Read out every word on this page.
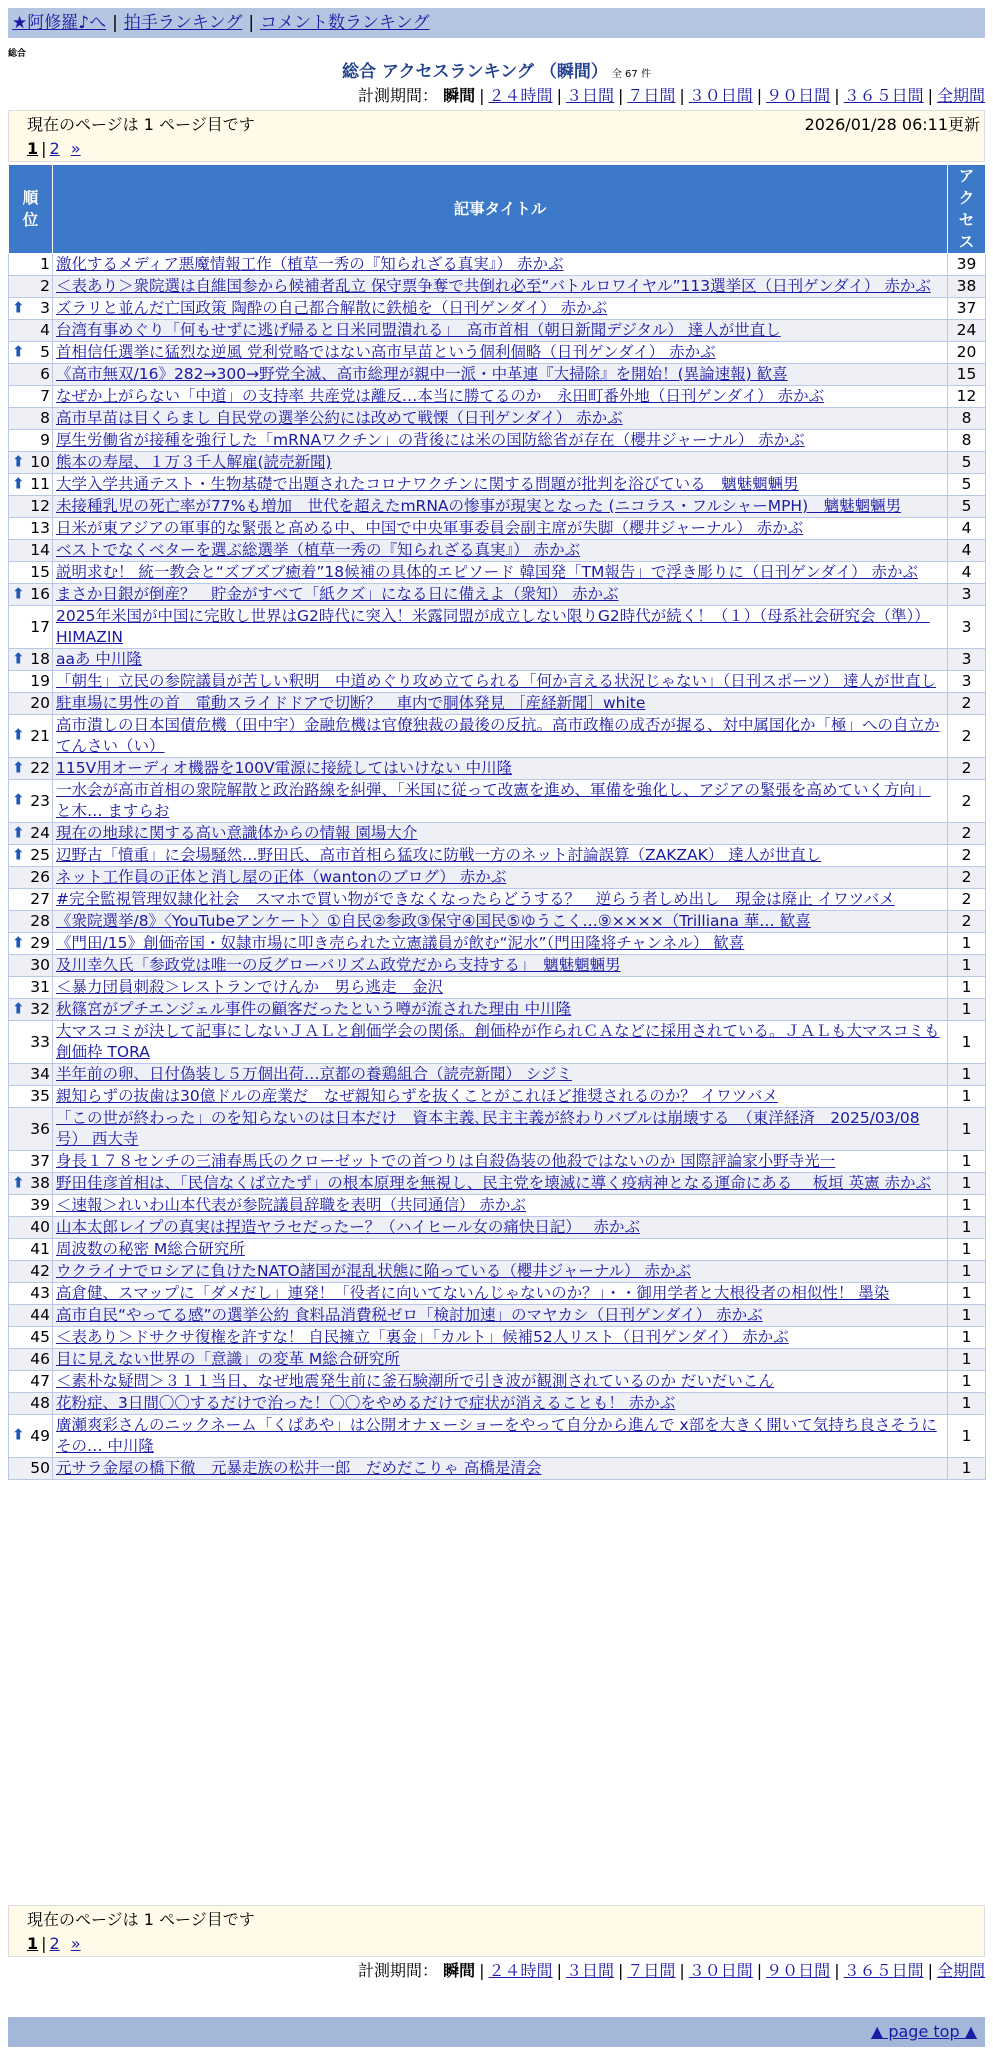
★阿修羅♪へ | 拍手ランキング | コメント数ランキング
総合
総合 アクセスランキング （瞬間） 全 67 件
計測期間： 瞬間 | ２４時間 | ３日間 | ７日間 | ３０日間 | ９０日間 | ３６５日間 | 全期間
現在のページは 1 ページ目です	2026/01/28 06:11更新
1 | 2 »
順位	記事タイトル	アクセス
1	激化するメディア悪魔情報工作（植草一秀の『知られざる真実』） 赤かぶ	39
2	＜表あり＞衆院選は自維国参から候補者乱立 保守票争奪で共倒れ必至“バトルロワイヤル”113選挙区（日刊ゲンダイ） 赤かぶ	38

⬆ 3	ズラリと並んだ亡国政策 陶酔の自己都合解散に鉄槌を（日刊ゲンダイ） 赤かぶ	37
4	台湾有事めぐり「何もせずに逃げ帰ると日米同盟潰れる」　高市首相（朝日新聞デジタル） 達人が世直し	24

⬆ 5	首相信任選挙に猛烈な逆風 党利党略ではない高市早苗という個利個略（日刊ゲンダイ） 赤かぶ	20
6	《高市無双/16》282→300→野党全滅、高市総理が親中一派・中革連『大掃除』を開始！(異論速報) 歓喜	15
7	なぜか上がらない「中道」の支持率 共産党は離反…本当に勝てるのか　永田町番外地（日刊ゲンダイ） 赤かぶ	12
8	高市早苗は目くらまし 自民党の選挙公約には改めて戦慄（日刊ゲンダイ） 赤かぶ	8
9	厚生労働省が接種を強行した「mRNAワクチン」の背後には米の国防総省が存在（櫻井ジャーナル） 赤かぶ	8

⬆ 10	熊本の寿屋、１万３千人解雇(読売新聞)	5

⬆ 11	大学入学共通テスト・生物基礎で出題されたコロナワクチンに関する問題が批判を浴びている　魑魅魍魎男	5
12	未接種乳児の死亡率が77%も増加　世代を超えたmRNAの惨事が現実となった (ニコラス・フルシャーMPH)　魑魅魍魎男	5
13	日米が東アジアの軍事的な緊張と高める中、中国で中央軍事委員会副主席が失脚（櫻井ジャーナル） 赤かぶ	4
14	ベストでなくベターを選ぶ総選挙（植草一秀の『知られざる真実』） 赤かぶ	4
15	説明求む！ 統一教会と“ズブズブ癒着”18候補の具体的エピソード 韓国発「TM報告」で浮き彫りに（日刊ゲンダイ） 赤かぶ	4

⬆ 16	まさか日銀が倒産？　貯金がすべて「紙クズ」になる日に備えよ（衆知） 赤かぶ	3
17	2025年米国が中国に完敗し世界はG2時代に突入！米露同盟が成立しない限りG2時代が続く！（１）（母系社会研究会（準））HIMAZIN	3

⬆ 18	aaあ 中川隆	3
19	「朝生」立民の参院議員が苦しい釈明　中道めぐり攻め立てられる「何か言える状況じゃない」（日刊スポーツ） 達人が世直し	3
20	駐車場に男性の首　電動スライドドアで切断？　車内で胴体発見 ［産経新聞］white	2

⬆ 21	高市潰しの日本国債危機（田中宇）金融危機は官僚独裁の最後の反抗。高市政権の成否が握る、対中属国化か「極」への自立か てんさい（い）	2

⬆ 22	115V用オーディオ機器を100V電源に接続してはいけない 中川隆	2

⬆ 23	一水会が高市首相の衆院解散と政治路線を糾弾、「米国に従って改憲を進め、軍備を強化し、アジアの緊張を高めていく方向」と木… ますらお	2

⬆ 24	現在の地球に関する高い意識体からの情報 園場大介	2

⬆ 25	辺野古「憤重」に会場騒然…野田氏、高市首相ら猛攻に防戦一方のネット討論誤算（ZAKZAK） 達人が世直し	2
26	ネット工作員の正体と消し屋の正体（wantonのブログ） 赤かぶ	2
27	#完全監視管理奴隷化社会　スマホで買い物ができなくなったらどうする？　逆らう者しめ出し　現金は廃止 イワツバメ	2
28	《衆院選挙/8》〈YouTubeアンケート〉①自民②参政③保守④国民⑤ゆうこく…⑨××××（Trilliana 華… 歓喜	2

⬆ 29	《門田/15》創価帝国・奴隷市場に叩き売られた立憲議員が飲む“泥水”（門田隆将チャンネル） 歓喜	1
30	及川幸久氏「参政党は唯一の反グローバリズム政党だから支持する」　魑魅魍魎男	1
31	＜暴力団員刺殺＞レストランでけんか　男ら逃走　金沢	1

⬆ 32	秋篠宮がプチエンジェル事件の顧客だったという噂が流された理由 中川隆	1
33	大マスコミが決して記事にしないＪＡＬと創価学会の関係。創価枠が作られＣＡなどに採用されている。ＪＡＬも大マスコミも創価枠 TORA	1
34	半年前の卵、日付偽装し５万個出荷…京都の養鶏組合（読売新聞） シジミ	1
35	親知らずの抜歯は30億ドルの産業だ　なぜ親知らずを抜くことがこれほど推奨されるのか？ イワツバメ	1
36	「この世が終わった」のを知らないのは日本だけ　資本主義､民主主義が終わりバブルは崩壊する　（東洋経済　2025/03/08号） 西大寺	1
37	身長１７８センチの三浦春馬氏のクローゼットでの首つりは自殺偽装の他殺ではないのか 国際評論家小野寺光一	1

⬆ 38	野田佳彦首相は、「民信なくば立たず」の根本原理を無視し、民主党を壊滅に導く疫病神となる運命にある　 板垣 英憲 赤かぶ	1
39	＜速報＞れいわ山本代表が参院議員辞職を表明（共同通信） 赤かぶ	1
40	山本太郎レイプの真実は捏造ヤラセだったー？（ハイヒール女の痛快日記）　 赤かぶ	1
41	周波数の秘密 M総合研究所	1
42	ウクライナでロシアに負けたNATO諸国が混乱状態に陥っている（櫻井ジャーナル） 赤かぶ	1
43	高倉健、スマップに「ダメだし」連発！「役者に向いてないんじゃないのか？」・・御用学者と大根役者の相似性！ 墨染	1
44	高市自民“やってる感”の選挙公約 食料品消費税ゼロ「検討加速」のマヤカシ（日刊ゲンダイ） 赤かぶ	1
45	＜表あり＞ドサクサ復権を許すな！ 自民擁立「裏金」「カルト」候補52人リスト（日刊ゲンダイ） 赤かぶ	1
46	目に見えない世界の「意識」の変革 M総合研究所	1
47	＜素朴な疑問＞３１１当日、なぜ地震発生前に釜石験潮所で引き波が観測されているのか だいだいこん	1
48	花粉症、3日間〇〇するだけで治った！〇〇をやめるだけで症状が消えることも！ 赤かぶ	1

⬆ 49	廣瀬爽彩さんのニックネーム「くぱあや」は公開オナｘーショーをやって自分から進んで x部を大きく開いて気持ち良さそうにその… 中川隆	1
50	元サラ金屋の橋下徹　元暴走族の松井一郎　だめだこりゃ 高橋是清会	1
現在のページは 1 ページ目です
1 | 2 »
計測期間： 瞬間 | ２４時間 | ３日間 | ７日間 | ３０日間 | ９０日間 | ３６５日間 | 全期間
▲ page top ▲
